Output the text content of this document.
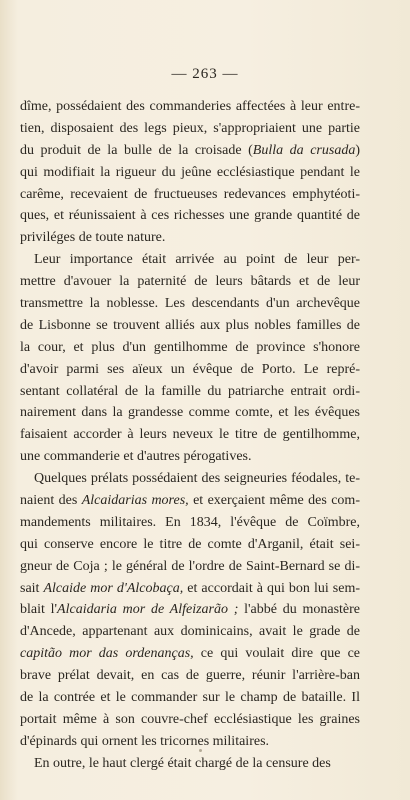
— 263 —
dîme, possédaient des commanderies affectées à leur entre-
tien, disposaient des legs pieux, s'appropriaient une partie
du produit de la bulle de la croisade (Bulla da crusada)
qui modifiait la rigueur du jeûne ecclésiastique pendant le
carême, recevaient de fructueuses redevances emphytéoti-
ques, et réunissaient à ces richesses une grande quantité de
priviléges de toute nature.
Leur importance était arrivée au point de leur per-
mettre d'avouer la paternité de leurs bâtards et de leur
transmettre la noblesse. Les descendants d'un archevêque
de Lisbonne se trouvent alliés aux plus nobles familles de
la cour, et plus d'un gentilhomme de province s'honore
d'avoir parmi ses aïeux un évêque de Porto. Le repré-
sentant collatéral de la famille du patriarche entrait ordi-
nairement dans la grandesse comme comte, et les évêques
faisaient accorder à leurs neveux le titre de gentilhomme,
une commanderie et d'autres pérogatives.
Quelques prélats possédaient des seigneuries féodales, te-
naient des Alcaidarias mores, et exerçaient même des com-
mandements militaires. En 1834, l'évêque de Coïmbre,
qui conserve encore le titre de comte d'Arganil, était sei-
gneur de Coja ; le général de l'ordre de Saint-Bernard se di-
sait Alcaide mor d'Alcobaça, et accordait à qui bon lui sem-
blait l'Alcaidaria mor de Alfeizarão ; l'abbé du monastère
d'Ancede, appartenant aux dominicains, avait le grade de
capitão mor das ordenanças, ce qui voulait dire que ce
brave prélat devait, en cas de guerre, réunir l'arrière-ban
de la contrée et le commander sur le champ de bataille. Il
portait même à son couvre-chef ecclésiastique les graines
d'épinards qui ornent les tricornes militaires.
En outre, le haut clergé était chargé de la censure des
